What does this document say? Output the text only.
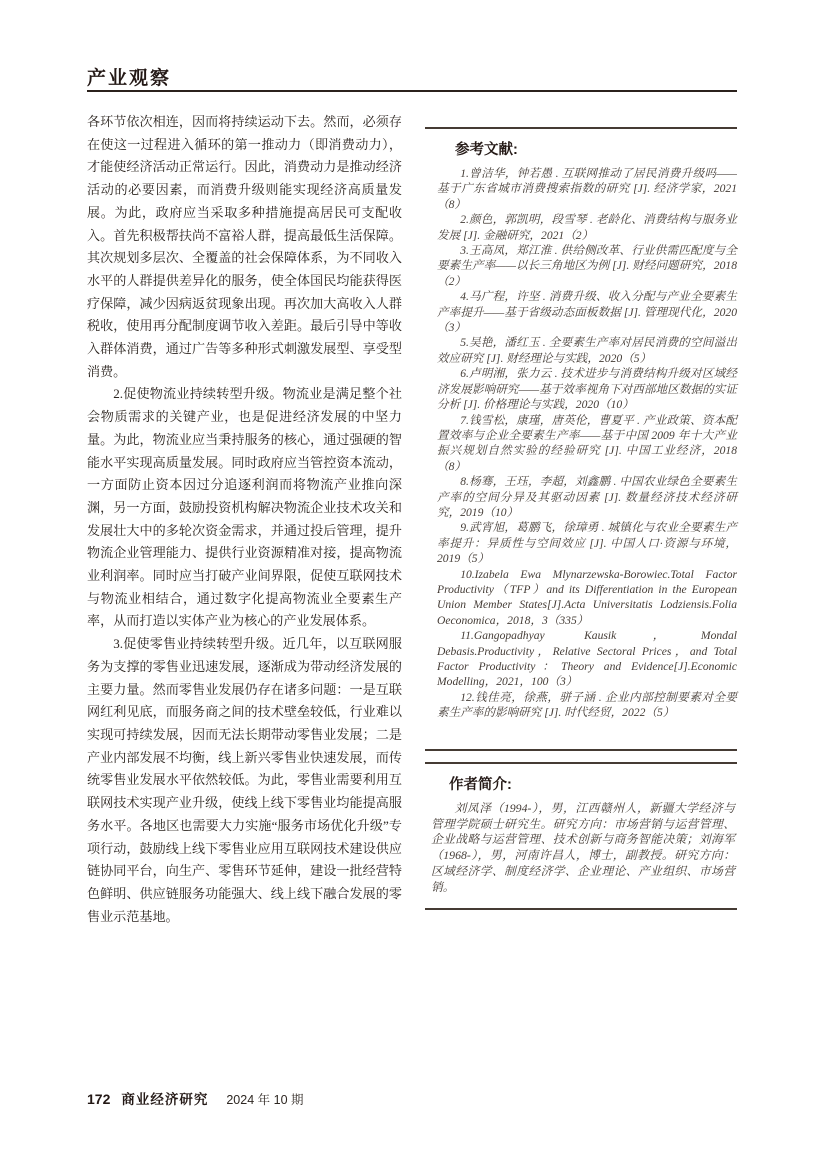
产业观察

各环节依次相连，因而将持续运动下去。然而，必须存在使这一过程进入循环的第一推动力（即消费动力），才能使经济活动正常运行。因此，消费动力是推动经济活动的必要因素，而消费升级则能实现经济高质量发展。为此，政府应当采取多种措施提高居民可支配收入。首先积极帮扶尚不富裕人群，提高最低生活保障。其次规划多层次、全覆盖的社会保障体系，为不同收入水平的人群提供差异化的服务，使全体国民均能获得医疗保障，减少因病返贫现象出现。再次加大高收入人群税收，使用再分配制度调节收入差距。最后引导中等收入群体消费，通过广告等多种形式刺激发展型、享受型消费。

2.促使物流业持续转型升级。物流业是满足整个社会物质需求的关键产业，也是促进经济发展的中坚力量。为此，物流业应当秉持服务的核心，通过强硬的智能水平实现高质量发展。同时政府应当管控资本流动，一方面防止资本因过分追逐利润而将物流产业推向深渊，另一方面，鼓励投资机构解决物流企业技术攻关和发展壮大中的多轮次资金需求，并通过投后管理，提升物流企业管理能力、提供行业资源精准对接，提高物流业利润率。同时应当打破产业间界限，促使互联网技术与物流业相结合，通过数字化提高物流业全要素生产率，从而打造以实体产业为核心的产业发展体系。

3.促使零售业持续转型升级。近几年，以互联网服务为支撑的零售业迅速发展，逐渐成为带动经济发展的主要力量。然而零售业发展仍存在诸多问题：一是互联网红利见底，而服务商之间的技术壁垒较低，行业难以实现可持续发展，因而无法长期带动零售业发展；二是产业内部发展不均衡，线上新兴零售业快速发展，而传统零售业发展水平依然较低。为此，零售业需要利用互联网技术实现产业升级，使线上线下零售业均能提高服务水平。各地区也需要大力实施“服务市场优化升级”专项行动，鼓励线上线下零售业应用互联网技术建设供应链协同平台，向生产、零售环节延伸，建设一批经营特色鲜明、供应链服务功能强大、线上线下融合发展的零售业示范基地。

参考文献:

1.曾洁华，钟若愚 . 互联网推动了居民消费升级吗——基于广东省城市消费搜索指数的研究 [J]. 经济学家，2021（8）

2.颜色，郭凯明，段雪琴 . 老龄化、消费结构与服务业发展 [J]. 金融研究，2021（2）

3.王高凤，郑江淮 . 供给侧改革、行业供需匹配度与全要素生产率——以长三角地区为例 [J]. 财经问题研究，2018（2）

4.马广程，许坚 . 消费升级、收入分配与产业全要素生产率提升——基于省级动态面板数据 [J]. 管理现代化，2020（3）

5.吴艳，潘红玉 . 全要素生产率对居民消费的空间溢出效应研究 [J]. 财经理论与实践，2020（5）

6.卢明湘，张力云 . 技术进步与消费结构升级对区域经济发展影响研究——基于效率视角下对西部地区数据的实证分析 [J]. 价格理论与实践，2020（10）

7.钱雪松，康瑾，唐英伦，曹夏平 . 产业政策、资本配置效率与企业全要素生产率——基于中国 2009 年十大产业振兴规划自然实验的经验研究 [J]. 中国工业经济，2018（8）

8.杨骞，王珏，李超，刘鑫鹏 . 中国农业绿色全要素生产率的空间分异及其驱动因素 [J]. 数量经济技术经济研究，2019（10）

9.武宵旭，葛鹏飞，徐璋勇 . 城镇化与农业全要素生产率提升：异质性与空间效应 [J]. 中国人口·资源与环境，2019（5）

10.Izabela Ewa Mlynarzewska-Borowiec.Total Factor Productivity（TFP）and its Differentiation in the European Union Member States[J].Acta Universitatis Lodziensis.Folia Oeconomica，2018，3（335）

11.Gangopadhyay Kausik，Mondal Debasis.Productivity，Relative Sectoral Prices，and Total Factor Productivity：Theory and Evidence[J].Economic Modelling，2021，100（3）

12.钱佳亮，徐燕，骈子涵 . 企业内部控制要素对全要素生产率的影响研究 [J]. 时代经贸，2022（5）

作者简介:

刘凤泽（1994-），男，江西赣州人，新疆大学经济与管理学院硕士研究生。研究方向：市场营销与运营管理、企业战略与运营管理、技术创新与商务智能决策；刘海军（1968-），男，河南许昌人，博士，副教授。研究方向：区域经济学、制度经济学、企业理论、产业组织、市场营销。

172 商业经济研究 2024 年 10 期
